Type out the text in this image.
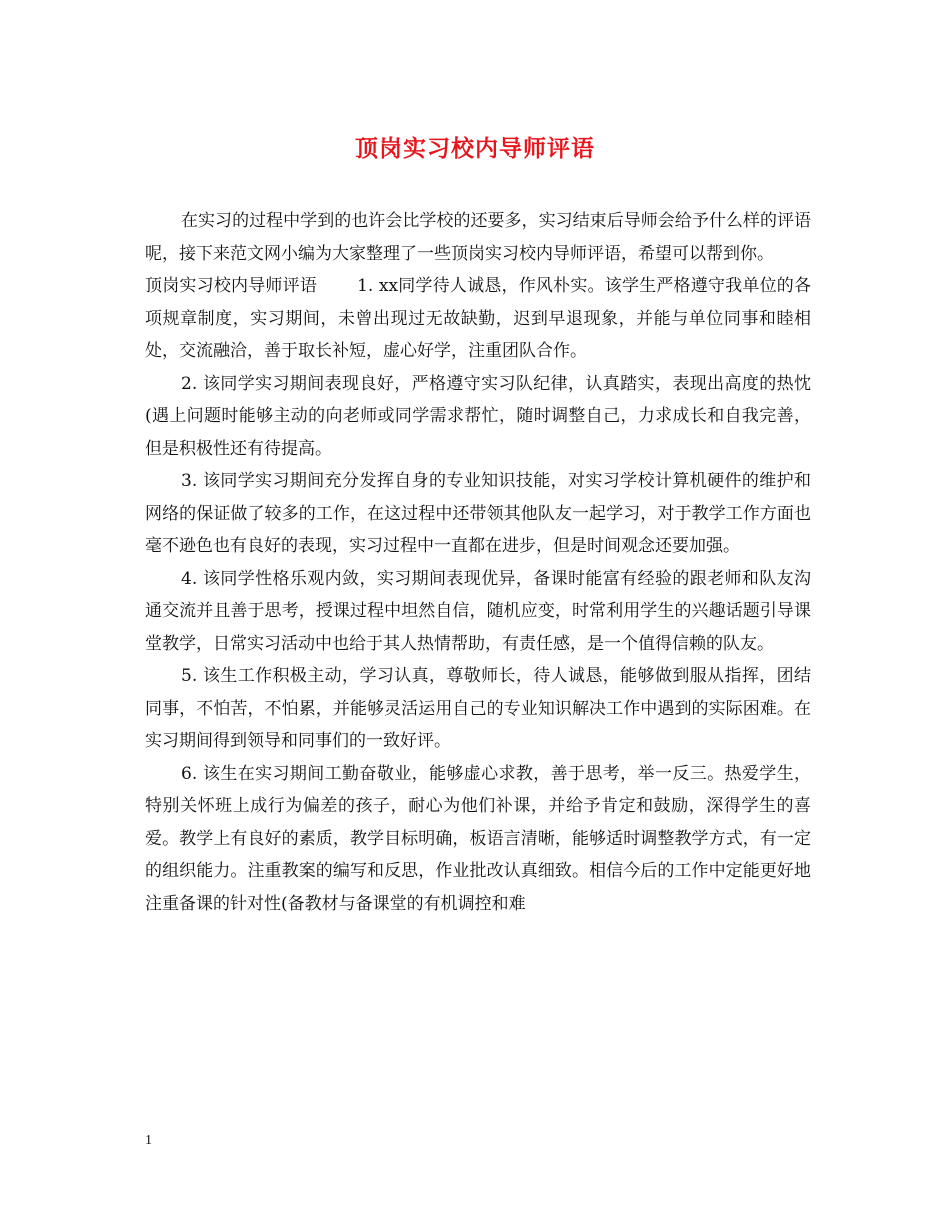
顶岗实习校内导师评语

在实习的过程中学到的也许会比学校的还要多，实习结束后导师会给予什么样的评语呢，接下来范文网小编为大家整理了一些顶岗实习校内导师评语，希望可以帮到你。

顶岗实习校内导师评语 1. xx同学待人诚恳，作风朴实。该学生严格遵守我单位的各项规章制度，实习期间，未曾出现过无故缺勤，迟到早退现象，并能与单位同事和睦相处，交流融洽，善于取长补短，虚心好学，注重团队合作。

2. 该同学实习期间表现良好，严格遵守实习队纪律，认真踏实，表现出高度的热忱(遇上问题时能够主动的向老师或同学需求帮忙，随时调整自己，力求成长和自我完善，但是积极性还有待提高。

3. 该同学实习期间充分发挥自身的专业知识技能，对实习学校计算机硬件的维护和网络的保证做了较多的工作，在这过程中还带领其他队友一起学习，对于教学工作方面也毫不逊色也有良好的表现，实习过程中一直都在进步，但是时间观念还要加强。

4. 该同学性格乐观内敛，实习期间表现优异，备课时能富有经验的跟老师和队友沟通交流并且善于思考，授课过程中坦然自信，随机应变，时常利用学生的兴趣话题引导课堂教学，日常实习活动中也给于其人热情帮助，有责任感，是一个值得信赖的队友。

5. 该生工作积极主动，学习认真，尊敬师长，待人诚恳，能够做到服从指挥，团结同事，不怕苦，不怕累，并能够灵活运用自己的专业知识解决工作中遇到的实际困难。在实习期间得到领导和同事们的一致好评。

6. 该生在实习期间工勤奋敬业，能够虚心求教，善于思考，举一反三。热爱学生，特别关怀班上成行为偏差的孩子，耐心为他们补课，并给予肯定和鼓励，深得学生的喜爱。教学上有良好的素质，教学目标明确，板语言清晰，能够适时调整教学方式，有一定的组织能力。注重教案的编写和反思，作业批改认真细致。相信今后的工作中定能更好地注重备课的针对性(备教材与备课堂的有机调控和难

1
